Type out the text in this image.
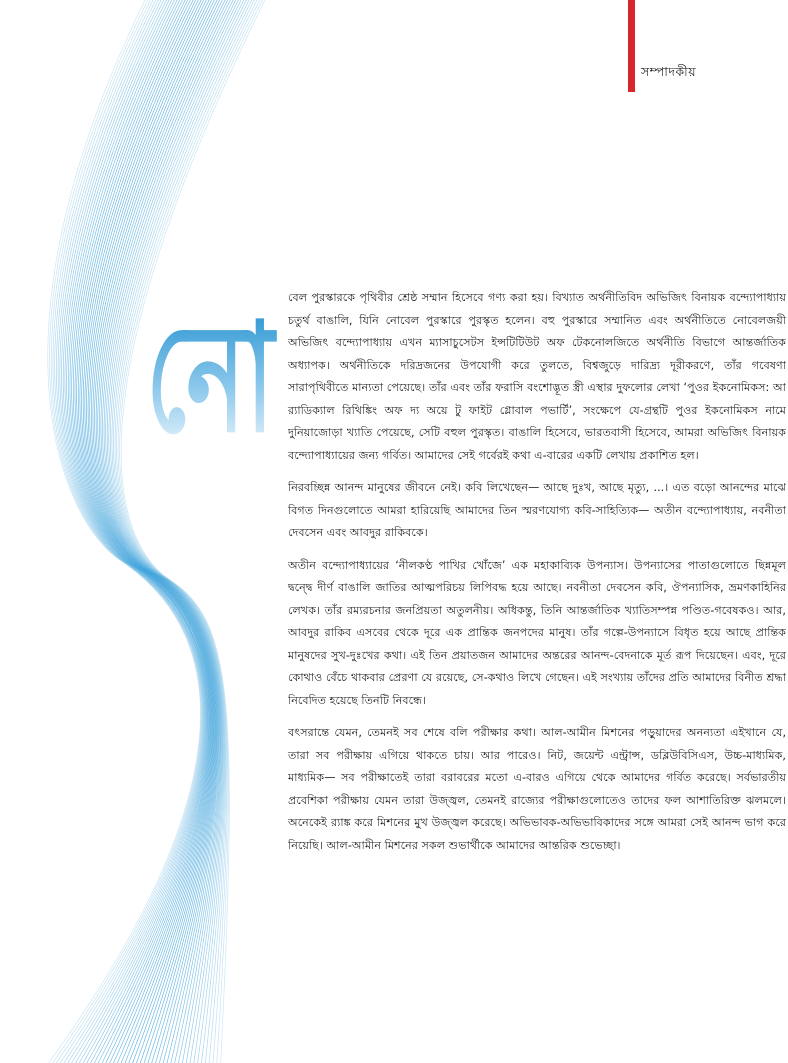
সম্পাদকীয়
নো বেল পুরস্কারকে পৃথিবীর শ্রেষ্ঠ সম্মান হিসেবে গণ্য করা হয়। বিখ্যাত অর্থনীতিবিদ অভিজিৎ বিনায়ক বন্দ্যোপাধ্যায় চতুর্থ বাঙালি, যিনি নোবেল পুরস্কারে পুরস্কৃত হলেন। বহু পুরস্কারে সম্মানিত এবং অর্থনীতিতে নোবেলজয়ী অভিজিৎ বন্দ্যোপাধ্যায় এখন ম্যাসাচুসেটস ইন্সটিটিউট অফ টেকনোলজিতে অর্থনীতি বিভাগে আন্তর্জাতিক অধ্যাপক। অর্থনীতিকে দরিদ্রজনের উপযোগী করে তুলতে, বিশ্বজুড়ে দারিদ্র্য দূরীকরণে, তাঁর গবেষণা সারাপৃথিবীতে মান্যতা পেয়েছে। তাঁর এবং তাঁর ফরাসি বংশোদ্ভূত স্ত্রী এস্থার দুফলোর লেখা ‘পুওর ইকনোমিকস: আ র‍্যাডিক্যাল রিথিঙ্কিং অফ দ্য অয়ে টু ফাইট গ্লোবাল পভার্টি’, সংক্ষেপে যে-গ্রন্থটি পুওর ইকনোমিকস নামে দুনিয়াজোড়া খ্যাতি পেয়েছে, সেটি বহুল পুরস্কৃত। বাঙালি হিসেবে, ভারতবাসী হিসেবে, আমরা অভিজিৎ বিনায়ক বন্দ্যোপাধ্যায়ের জন্য গর্বিত। আমাদের সেই গর্বেরই কথা এ-বারের একটি লেখায় প্রকাশিত হল।

নিরবচ্ছিন্ন আনন্দ মানুষের জীবনে নেই। কবি লিখেছেন— আছে দুঃখ, আছে মৃত্যু, ...। এত বড়ো আনন্দের মাঝে বিগত দিনগুলোতে আমরা হারিয়েছি আমাদের তিন স্মরণযোগ্য কবি-সাহিত্যিক— অতীন বন্দ্যোপাধ্যায়, নবনীতা দেবসেন এবং আবদুর রাকিবকে।

অতীন বন্দ্যোপাধ্যায়ের ‘নীলকণ্ঠ পাখির খোঁজে’ এক মহাকাব্যিক উপন্যাস। উপন্যাসের পাতাগুলোতে ছিন্নমূল দ্বন্দ্বে দীর্ণ বাঙালি জাতির আত্মপরিচয় লিপিবদ্ধ হয়ে আছে। নবনীতা দেবসেন কবি, ঔপন্যাসিক, ভ্রমণকাহিনির লেখক। তাঁর রম্যরচনার জনপ্রিয়তা অতুলনীয়। অধিকন্তু, তিনি আন্তর্জাতিক খ্যাতিসম্পন্ন পণ্ডিত-গবেষকও। আর, আবদুর রাকিব এসবের থেকে দূরে এক প্রান্তিক জনপদের মানুষ। তাঁর গল্পে-উপন্যাসে বিধৃত হয়ে আছে প্রান্তিক মানুষদের সুখ-দুঃখের কথা। এই তিন প্রয়াতজন আমাদের অন্তরের আনন্দ-বেদনাকে মূর্ত রূপ দিয়েছেন। এবং, দূরে কোথাও বেঁচে থাকবার প্রেরণা যে রয়েছে, সে-কথাও লিখে গেছেন। এই সংখ্যায় তাঁদের প্রতি আমাদের বিনীত শ্রদ্ধা নিবেদিত হয়েছে তিনটি নিবন্ধে।

বৎসরান্তে যেমন, তেমনই সব শেষে বলি পরীক্ষার কথা। আল-আমীন মিশনের পড়ুয়াদের অনন্যতা এইখানে যে, তারা সব পরীক্ষায় এগিয়ে থাকতে চায়। আর পারেও। নিট, জয়েন্ট এন্ট্রান্স, ডব্লিউবিসিএস, উচ্চ-মাধ্যমিক, মাধ্যমিক— সব পরীক্ষাতেই তারা বরাবরের মতো এ-বারও এগিয়ে থেকে আমাদের গর্বিত করেছে। সর্বভারতীয় প্রবেশিকা পরীক্ষায় যেমন তারা উজ্জ্বল, তেমনই রাজ্যের পরীক্ষাগুলোতেও তাদের ফল আশাতিরিক্ত ঝলমলে। অনেকেই র‍্যাঙ্ক করে মিশনের মুখ উজ্জ্বল করেছে। অভিভাবক-অভিভাবিকাদের সঙ্গে আমরা সেই আনন্দ ভাগ করে নিয়েছি। আল-আমীন মিশনের সকল শুভার্থীকে আমাদের আন্তরিক শুভেচ্ছা।
